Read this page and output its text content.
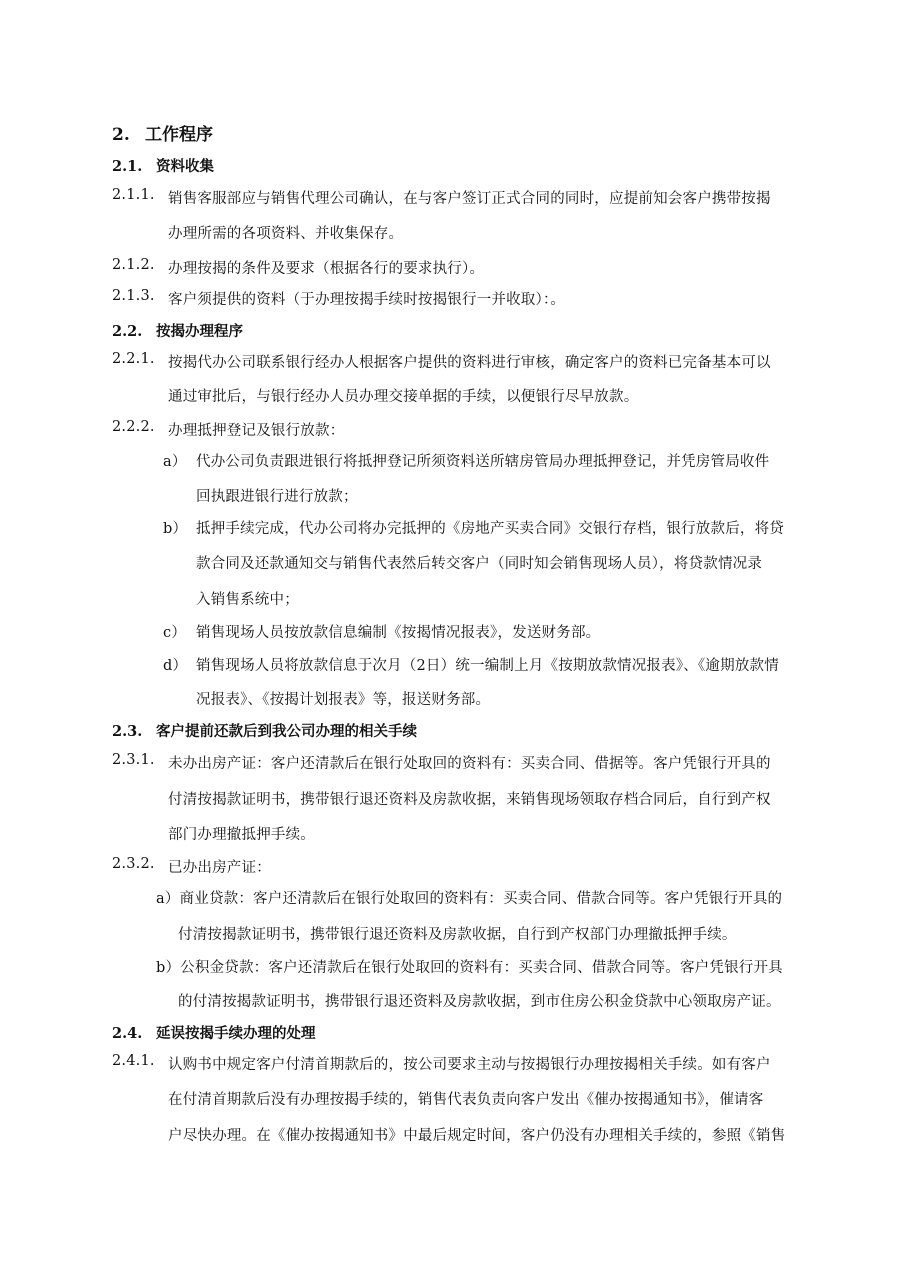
2. 工作程序
2.1. 资料收集
2.1.1. 销售客服部应与销售代理公司确认，在与客户签订正式合同的同时，应提前知会客户携带按揭
办理所需的各项资料、并收集保存。
2.1.2. 办理按揭的条件及要求（根据各行的要求执行）。
2.1.3. 客户须提供的资料（于办理按揭手续时按揭银行一并收取）：。
2.2. 按揭办理程序
2.2.1. 按揭代办公司联系银行经办人根据客户提供的资料进行审核，确定客户的资料已完备基本可以
通过审批后，与银行经办人员办理交接单据的手续，以便银行尽早放款。
2.2.2. 办理抵押登记及银行放款：
a） 代办公司负责跟进银行将抵押登记所须资料送所辖房管局办理抵押登记，并凭房管局收件
回执跟进银行进行放款；
b） 抵押手续完成，代办公司将办完抵押的《房地产买卖合同》交银行存档，银行放款后，将贷
款合同及还款通知交与销售代表然后转交客户（同时知会销售现场人员），将贷款情况录
入销售系统中；
c） 销售现场人员按放款信息编制《按揭情况报表》，发送财务部。
d） 销售现场人员将放款信息于次月（2日）统一编制上月《按期放款情况报表》、《逾期放款情
况报表》、《按揭计划报表》等，报送财务部。
2.3. 客户提前还款后到我公司办理的相关手续
2.3.1. 未办出房产证：客户还清款后在银行处取回的资料有：买卖合同、借据等。客户凭银行开具的
付清按揭款证明书，携带银行退还资料及房款收据，来销售现场领取存档合同后，自行到产权
部门办理撤抵押手续。
2.3.2. 已办出房产证：
a）商业贷款：客户还清款后在银行处取回的资料有：买卖合同、借款合同等。客户凭银行开具的
付清按揭款证明书，携带银行退还资料及房款收据，自行到产权部门办理撤抵押手续。
b）公积金贷款：客户还清款后在银行处取回的资料有：买卖合同、借款合同等。客户凭银行开具
的付清按揭款证明书，携带银行退还资料及房款收据，到市住房公积金贷款中心领取房产证。
2.4. 延误按揭手续办理的处理
2.4.1. 认购书中规定客户付清首期款后的，按公司要求主动与按揭银行办理按揭相关手续。如有客户
在付清首期款后没有办理按揭手续的，销售代表负责向客户发出《催办按揭通知书》，催请客
户尽快办理。在《催办按揭通知书》中最后规定时间，客户仍没有办理相关手续的，参照《销售
